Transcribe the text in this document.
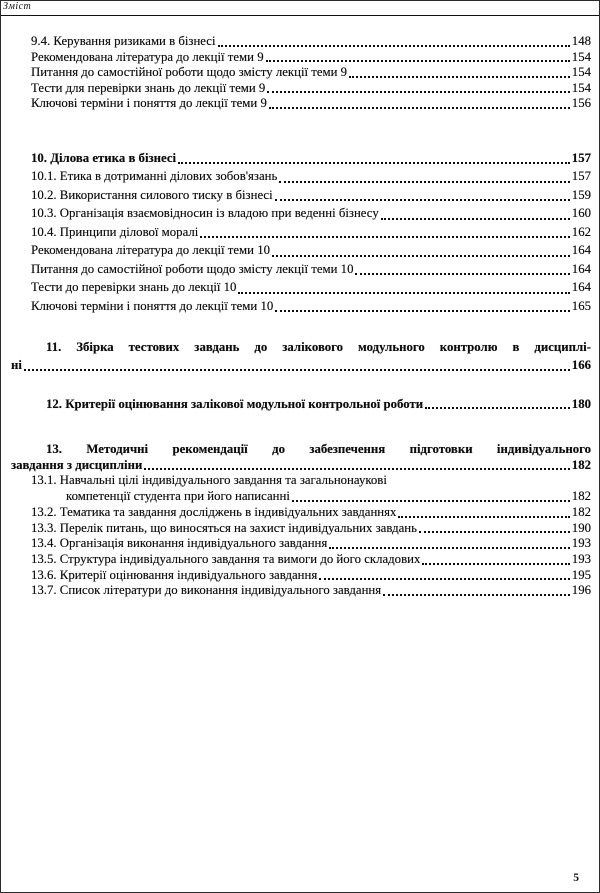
Зміст
9.4. Керування ризиками в бізнесі	148
Рекомендована література до лекції теми 9	154
Питання до самостійної роботи щодо змісту лекції теми 9	154
Тести для перевірки знань до лекції теми 9	154
Ключові терміни і поняття до лекції теми 9	156
10. Ділова етика в бізнесі	157
10.1. Етика в дотриманні ділових зобов'язань	157
10.2. Використання силового тиску в бізнесі	159
10.3. Організація взаємовідносин із владою при веденні бізнесу	160
10.4. Принципи ділової моралі	162
Рекомендована література до лекції теми 10	164
Питання до самостійної роботи щодо змісту лекції теми 10	164
Тести до перевірки знань до лекції 10	164
Ключові терміни і поняття до лекції теми 10	165
11. Збірка тестових завдань до залікового модульного контролю в дисциплі-
ні	166
12. Критерії оцінювання залікової модульної контрольної роботи	180
13. Методичні рекомендації до забезпечення підготовки індивідуального
завдання з дисципліни	182
13.1. Навчальні цілі індивідуального завдання та загальнонаукові
компетенції студента при його написанні	182
13.2. Тематика та завдання досліджень в індивідуальних завданнях	182
13.3. Перелік питань, що виносяться на захист індивідуальних завдань	190
13.4. Організація виконання індивідуального завдання	193
13.5. Структура індивідуального завдання та вимоги до його складових	193
13.6. Критерії оцінювання індивідуального завдання	195
13.7. Список літератури до виконання індивідуального завдання	196
5
